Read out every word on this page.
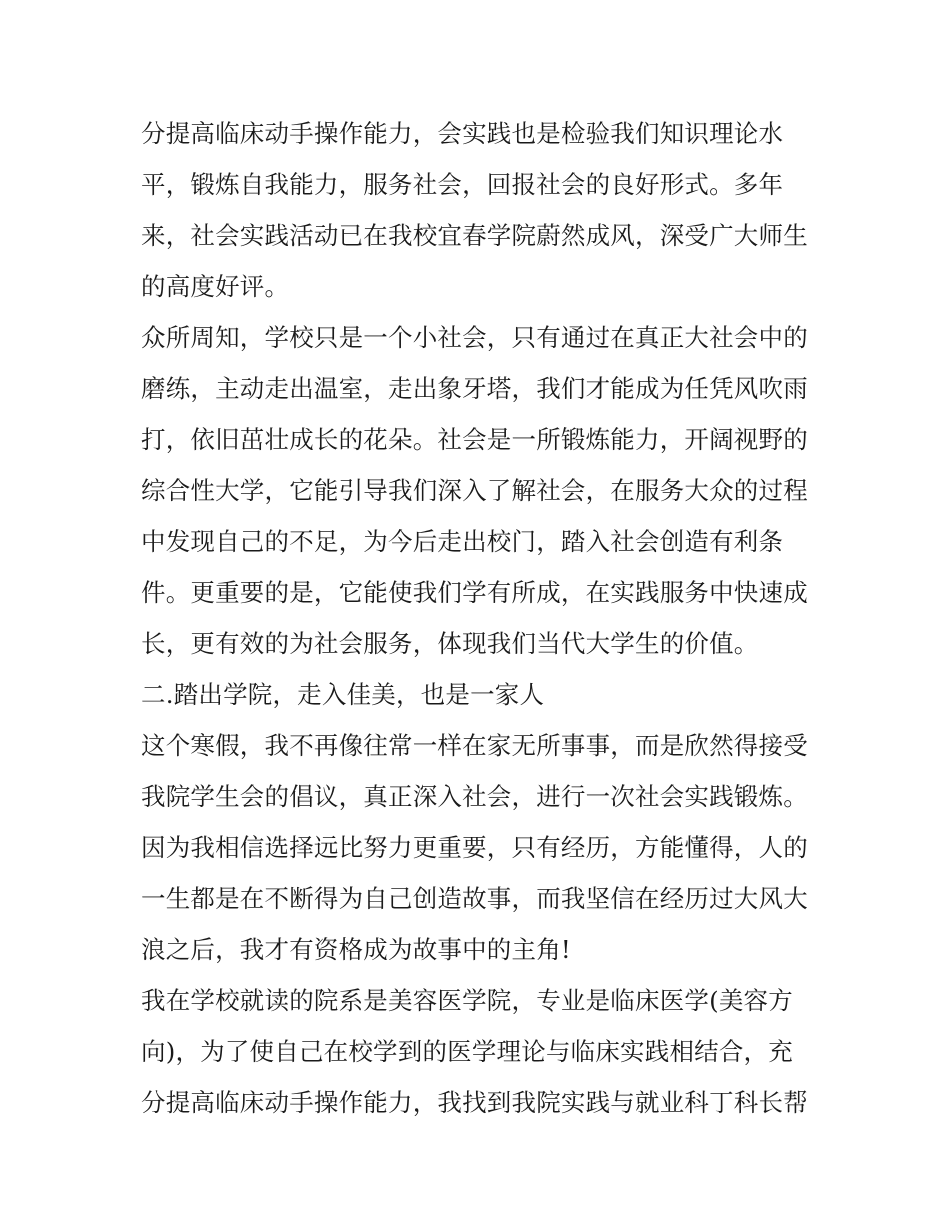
分提高临床动手操作能力，会实践也是检验我们知识理论水
平，锻炼自我能力，服务社会，回报社会的良好形式。多年
来，社会实践活动已在我校宜春学院蔚然成风，深受广大师生
的高度好评。
众所周知，学校只是一个小社会，只有通过在真正大社会中的
磨练，主动走出温室，走出象牙塔，我们才能成为任凭风吹雨
打，依旧茁壮成长的花朵。社会是一所锻炼能力，开阔视野的
综合性大学，它能引导我们深入了解社会，在服务大众的过程
中发现自己的不足，为今后走出校门，踏入社会创造有利条
件。更重要的是，它能使我们学有所成，在实践服务中快速成
长，更有效的为社会服务，体现我们当代大学生的价值。
二.踏出学院，走入佳美，也是一家人
这个寒假，我不再像往常一样在家无所事事，而是欣然得接受
我院学生会的倡议，真正深入社会，进行一次社会实践锻炼。
因为我相信选择远比努力更重要，只有经历，方能懂得，人的
一生都是在不断得为自己创造故事，而我坚信在经历过大风大
浪之后，我才有资格成为故事中的主角!
我在学校就读的院系是美容医学院，专业是临床医学(美容方
向)，为了使自己在校学到的医学理论与临床实践相结合，充
分提高临床动手操作能力，我找到我院实践与就业科丁科长帮
